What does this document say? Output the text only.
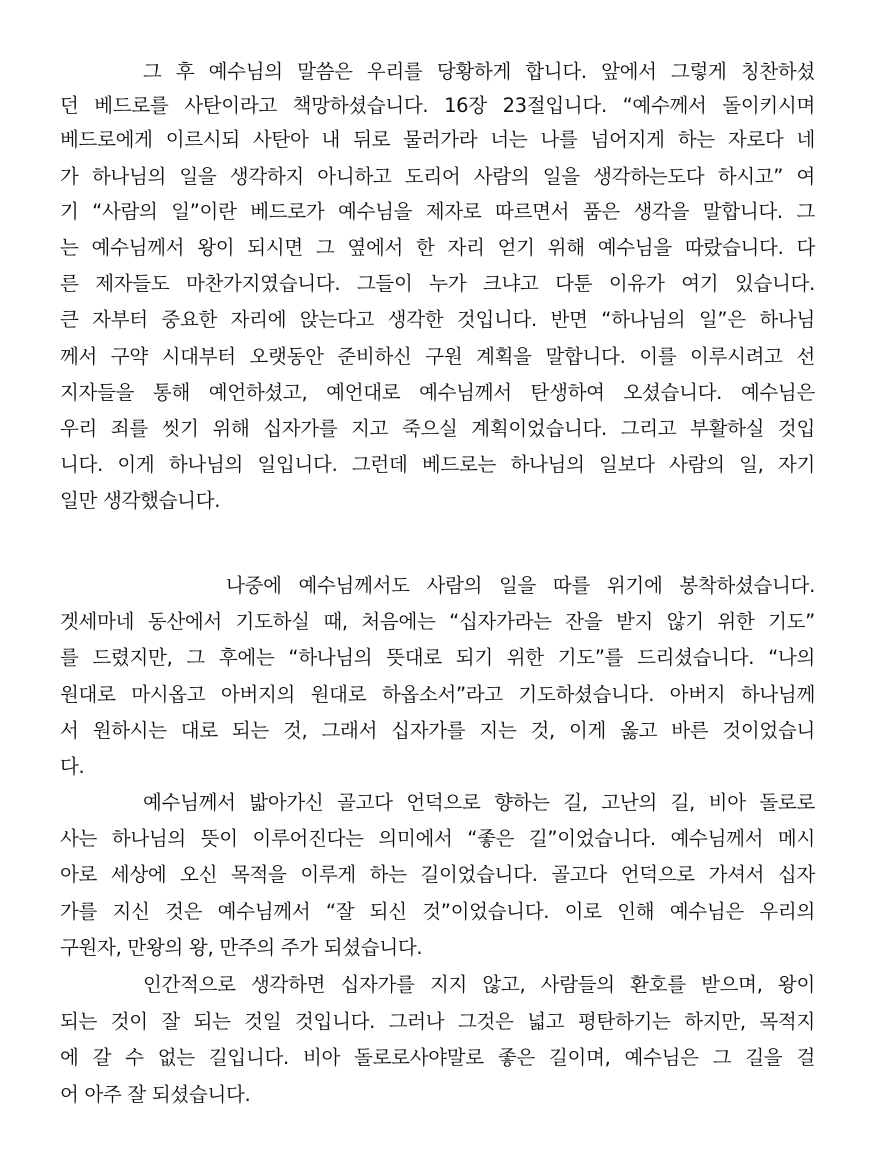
그 후 예수님의 말씀은 우리를 당황하게 합니다. 앞에서 그렇게 칭찬하셨
던 베드로를 사탄이라고 책망하셨습니다. 16장 23절입니다. “예수께서 돌이키시며
베드로에게 이르시되 사탄아 내 뒤로 물러가라 너는 나를 넘어지게 하는 자로다 네
가 하나님의 일을 생각하지 아니하고 도리어 사람의 일을 생각하는도다 하시고” 여
기 “사람의 일”이란 베드로가 예수님을 제자로 따르면서 품은 생각을 말합니다. 그
는 예수님께서 왕이 되시면 그 옆에서 한 자리 얻기 위해 예수님을 따랐습니다. 다
른 제자들도 마찬가지였습니다. 그들이 누가 크냐고 다툰 이유가 여기 있습니다.
큰 자부터 중요한 자리에 앉는다고 생각한 것입니다. 반면 “하나님의 일”은 하나님
께서 구약 시대부터 오랫동안 준비하신 구원 계획을 말합니다. 이를 이루시려고 선
지자들을 통해 예언하셨고, 예언대로 예수님께서 탄생하여 오셨습니다. 예수님은
우리 죄를 씻기 위해 십자가를 지고 죽으실 계획이었습니다. 그리고 부활하실 것입
니다. 이게 하나님의 일입니다. 그런데 베드로는 하나님의 일보다 사람의 일, 자기
일만 생각했습니다.
나중에 예수님께서도 사람의 일을 따를 위기에 봉착하셨습니다.
겟세마네 동산에서 기도하실 때, 처음에는 “십자가라는 잔을 받지 않기 위한 기도”
를 드렸지만, 그 후에는 “하나님의 뜻대로 되기 위한 기도”를 드리셨습니다. “나의
원대로 마시옵고 아버지의 원대로 하옵소서”라고 기도하셨습니다. 아버지 하나님께
서 원하시는 대로 되는 것, 그래서 십자가를 지는 것, 이게 옳고 바른 것이었습니
다.
예수님께서 밟아가신 골고다 언덕으로 향하는 길, 고난의 길, 비아 돌로로
사는 하나님의 뜻이 이루어진다는 의미에서 “좋은 길”이었습니다. 예수님께서 메시
아로 세상에 오신 목적을 이루게 하는 길이었습니다. 골고다 언덕으로 가셔서 십자
가를 지신 것은 예수님께서 “잘 되신 것”이었습니다. 이로 인해 예수님은 우리의
구원자, 만왕의 왕, 만주의 주가 되셨습니다.
인간적으로 생각하면 십자가를 지지 않고, 사람들의 환호를 받으며, 왕이
되는 것이 잘 되는 것일 것입니다. 그러나 그것은 넓고 평탄하기는 하지만, 목적지
에 갈 수 없는 길입니다. 비아 돌로로사야말로 좋은 길이며, 예수님은 그 길을 걸
어 아주 잘 되셨습니다.
